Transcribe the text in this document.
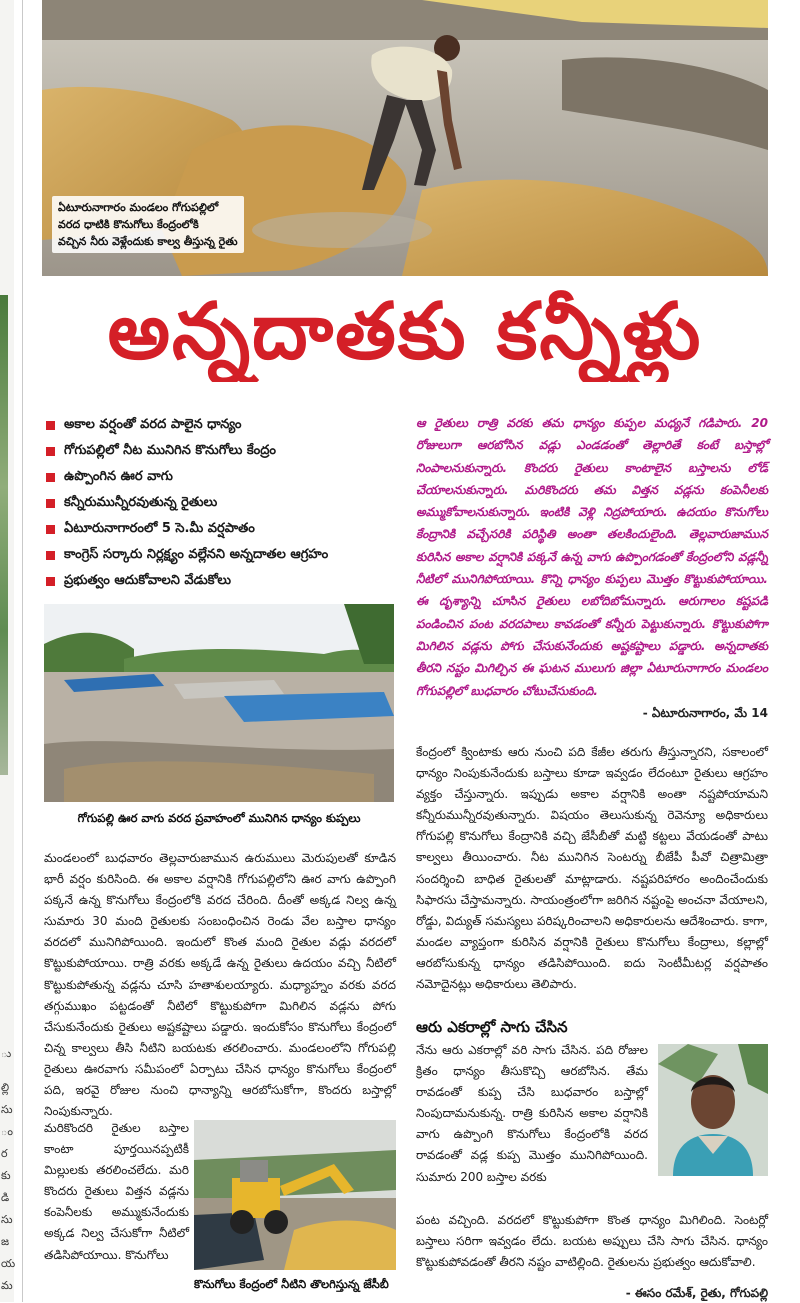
ు
ల్లి
సు
ం
ర
కు
డి
సు
జ
య
మ
ఏటూరునాగారం మండలం గోగుపల్లిలో
వరద ధాటికి కొనుగోలు కేంద్రంలోకి
వచ్చిన నీరు వెళ్లేందుకు కాల్వ తీస్తున్న రైతు
అన్నదాతకు కన్నీళ్లు
అకాల వర్షంతో వరద పాలైన ధాన్యం
గోగుపల్లిలో నీట మునిగిన కొనుగోలు కేంద్రం
ఉప్పొంగిన ఊర వాగు
కన్నీరుమున్నీరవుతున్న రైతులు
ఏటూరునాగారంలో 5 సె.మీ వర్షపాతం
కాంగ్రెస్ సర్కారు నిర్లక్ష్యం వల్లేనని అన్నదాతల ఆగ్రహం
ప్రభుత్వం ఆదుకోవాలని వేడుకోలు
ఆ రైతులు రాత్రి వరకు తమ ధాన్యం కుప్పల మధ్యనే గడిపారు. 20 రోజులుగా ఆరబోసిన వడ్లు ఎండడంతో తెల్లారితే కంటే బస్తాల్లో నింపాలనుకున్నారు. కొందరు రైతులు కాంటాలైన బస్తాలను లోడ్ చేయాలనుకున్నారు. మరికొందరు తమ విత్తన వడ్లను కంపెనీలకు అమ్ముకోవాలనుకున్నారు. ఇంటికి వెళ్లి నిద్రపోయారు. ఉదయం కొనుగోలు కేంద్రానికి వచ్చేసరికి పరిస్థితి అంతా తలకిందులైంది. తెల్లవారుజామున కురిసిన అకాల వర్షానికి పక్కనే ఉన్న వాగు ఉప్పొంగడంతో కేంద్రంలోని వడ్లన్నీ నీటిలో మునిగిపోయాయి. కొన్ని ధాన్యం కుప్పలు మొత్తం కొట్టుకుపోయాయి. ఈ దృశ్యాన్ని చూసిన రైతులు లబోదిబోమన్నారు. ఆరుగాలం కష్టపడి పండించిన పంట వరదపాలు కావడంతో కన్నీరు పెట్టుకున్నారు. కొట్టుకుపోగా మిగిలిన వడ్లను పోగు చేసుకునేందుకు అష్టకష్టాలు పడ్డారు. అన్నదాతకు తీరని నష్టం మిగిల్చిన ఈ ఘటన ములుగు జిల్లా ఏటూరునాగారం మండలం గోగుపల్లిలో బుధవారం చోటుచేసుకుంది.
- ఏటూరునాగారం, మే 14
గోగుపల్లి ఊర వాగు వరద ప్రవాహంలో మునిగిన ధాన్యం కుప్పలు
మండలంలో బుధవారం తెల్లవారుజామున ఉరుములు మెరుపులతో కూడిన భారీ వర్షం కురిసింది. ఈ అకాల వర్షానికి గోగుపల్లిలోని ఊర వాగు ఉప్పొంగి పక్కనే ఉన్న కొనుగోలు కేంద్రంలోకి వరద చేరింది. దీంతో అక్కడ నిల్వ ఉన్న సుమారు 30 మంది రైతులకు సంబంధించిన రెండు వేల బస్తాల ధాన్యం వరదలో మునిగిపోయింది. ఇందులో కొంత మంది రైతుల వడ్లు వరదలో కొట్టుకుపోయాయి. రాత్రి వరకు అక్కడే ఉన్న రైతులు ఉదయం వచ్చి నీటిలో కొట్టుకుపోతున్న వడ్లను చూసి హతాశులయ్యారు. మధ్యాహ్నం వరకు వరద తగ్గుముఖం పట్టడంతో నీటిలో కొట్టుకుపోగా మిగిలిన వడ్లను పోగు చేసుకునేందుకు రైతులు అష్టకష్టాలు పడ్డారు. ఇందుకోసం కొనుగోలు కేంద్రంలో చిన్న కాల్వలు తీసి నీటిని బయటకు తరలించారు. మండలంలోని గోగుపల్లి రైతులు ఊరవాగు సమీపంలో ఏర్పాటు చేసిన ధాన్యం కొనుగోలు కేంద్రంలో పది, ఇరవై రోజుల నుంచి ధాన్యాన్ని ఆరబోసుకోగా, కొందరు బస్తాల్లో నింపుకున్నారు.
మరికొందరి రైతుల బస్తాల కాంటా పూర్తయినప్పటికీ మిల్లులకు తరలించలేదు. మరి కొందరు రైతులు విత్తన వడ్లను కంపెనీలకు అమ్ముకునేందుకు అక్కడ నిల్వ చేసుకోగా నీటిలో తడిసిపోయాయి. కొనుగోలు
కొనుగోలు కేంద్రంలో నీటిని తొలగిస్తున్న జేసీబీ
కేంద్రంలో క్వింటాకు ఆరు నుంచి పది కేజీల తరుగు తీస్తున్నారని, సకాలంలో ధాన్యం నింపుకునేందుకు బస్తాలు కూడా ఇవ్వడం లేదంటూ రైతులు ఆగ్రహం వ్యక్తం చేస్తున్నారు. ఇప్పుడు అకాల వర్షానికి అంతా నష్టపోయామని కన్నీరుమున్నీరవుతున్నారు. విషయం తెలుసుకున్న రెవెన్యూ అధికారులు గోగుపల్లి కొనుగోలు కేంద్రానికి వచ్చి జేసీబీతో మట్టి కట్టలు వేయడంతో పాటు కాల్వలు తీయించారు. నీట మునిగిన సెంటర్ను బీజేపీ పీవో చిత్రామిత్రా సందర్శించి బాధిత రైతులతో మాట్లాడారు. నష్టపరిహారం అందించేందుకు సిఫారసు చేస్తామన్నారు. సాయంత్రంలోగా జరిగిన నష్టంపై అంచనా వేయాలని, రోడ్డు, విద్యుత్ సమస్యలు పరిష్కరించాలని అధికారులను ఆదేశించారు. కాగా, మండల వ్యాప్తంగా కురిసిన వర్షానికి రైతులు కొనుగోలు కేంద్రాలు, కల్లాల్లో ఆరబోసుకున్న ధాన్యం తడిసిపోయింది. ఐదు సెంటీమీటర్ల వర్షపాతం నమోదైనట్లు అధికారులు తెలిపారు.
ఆరు ఎకరాల్లో సాగు చేసిన
నేను ఆరు ఎకరాల్లో వరి సాగు చేసిన. పది రోజుల క్రితం ధాన్యం తీసుకొచ్చి ఆరబోసిన. తేమ రావడంతో కుప్ప చేసి బుధవారం బస్తాల్లో నింపుదామనుకున్న. రాత్రి కురిసిన అకాల వర్షానికి వాగు ఉప్పొంగి కొనుగోలు కేంద్రంలోకి వరద రావడంతో వడ్ల కుప్ప మొత్తం మునిగిపోయింది. సుమారు 200 బస్తాల వరకు
పంట వచ్చింది. వరదలో కొట్టుకుపోగా కొంత ధాన్యం మిగిలింది. సెంటర్లో బస్తాలు సరిగా ఇవ్వడం లేదు. బయట అప్పులు చేసి సాగు చేసిన. ధాన్యం కొట్టుకుపోవడంతో తీరని నష్టం వాటిల్లింది. రైతులను ప్రభుత్వం ఆదుకోవాలి.
- ఈసం రమేశ్, రైతు, గోగుపల్లి
